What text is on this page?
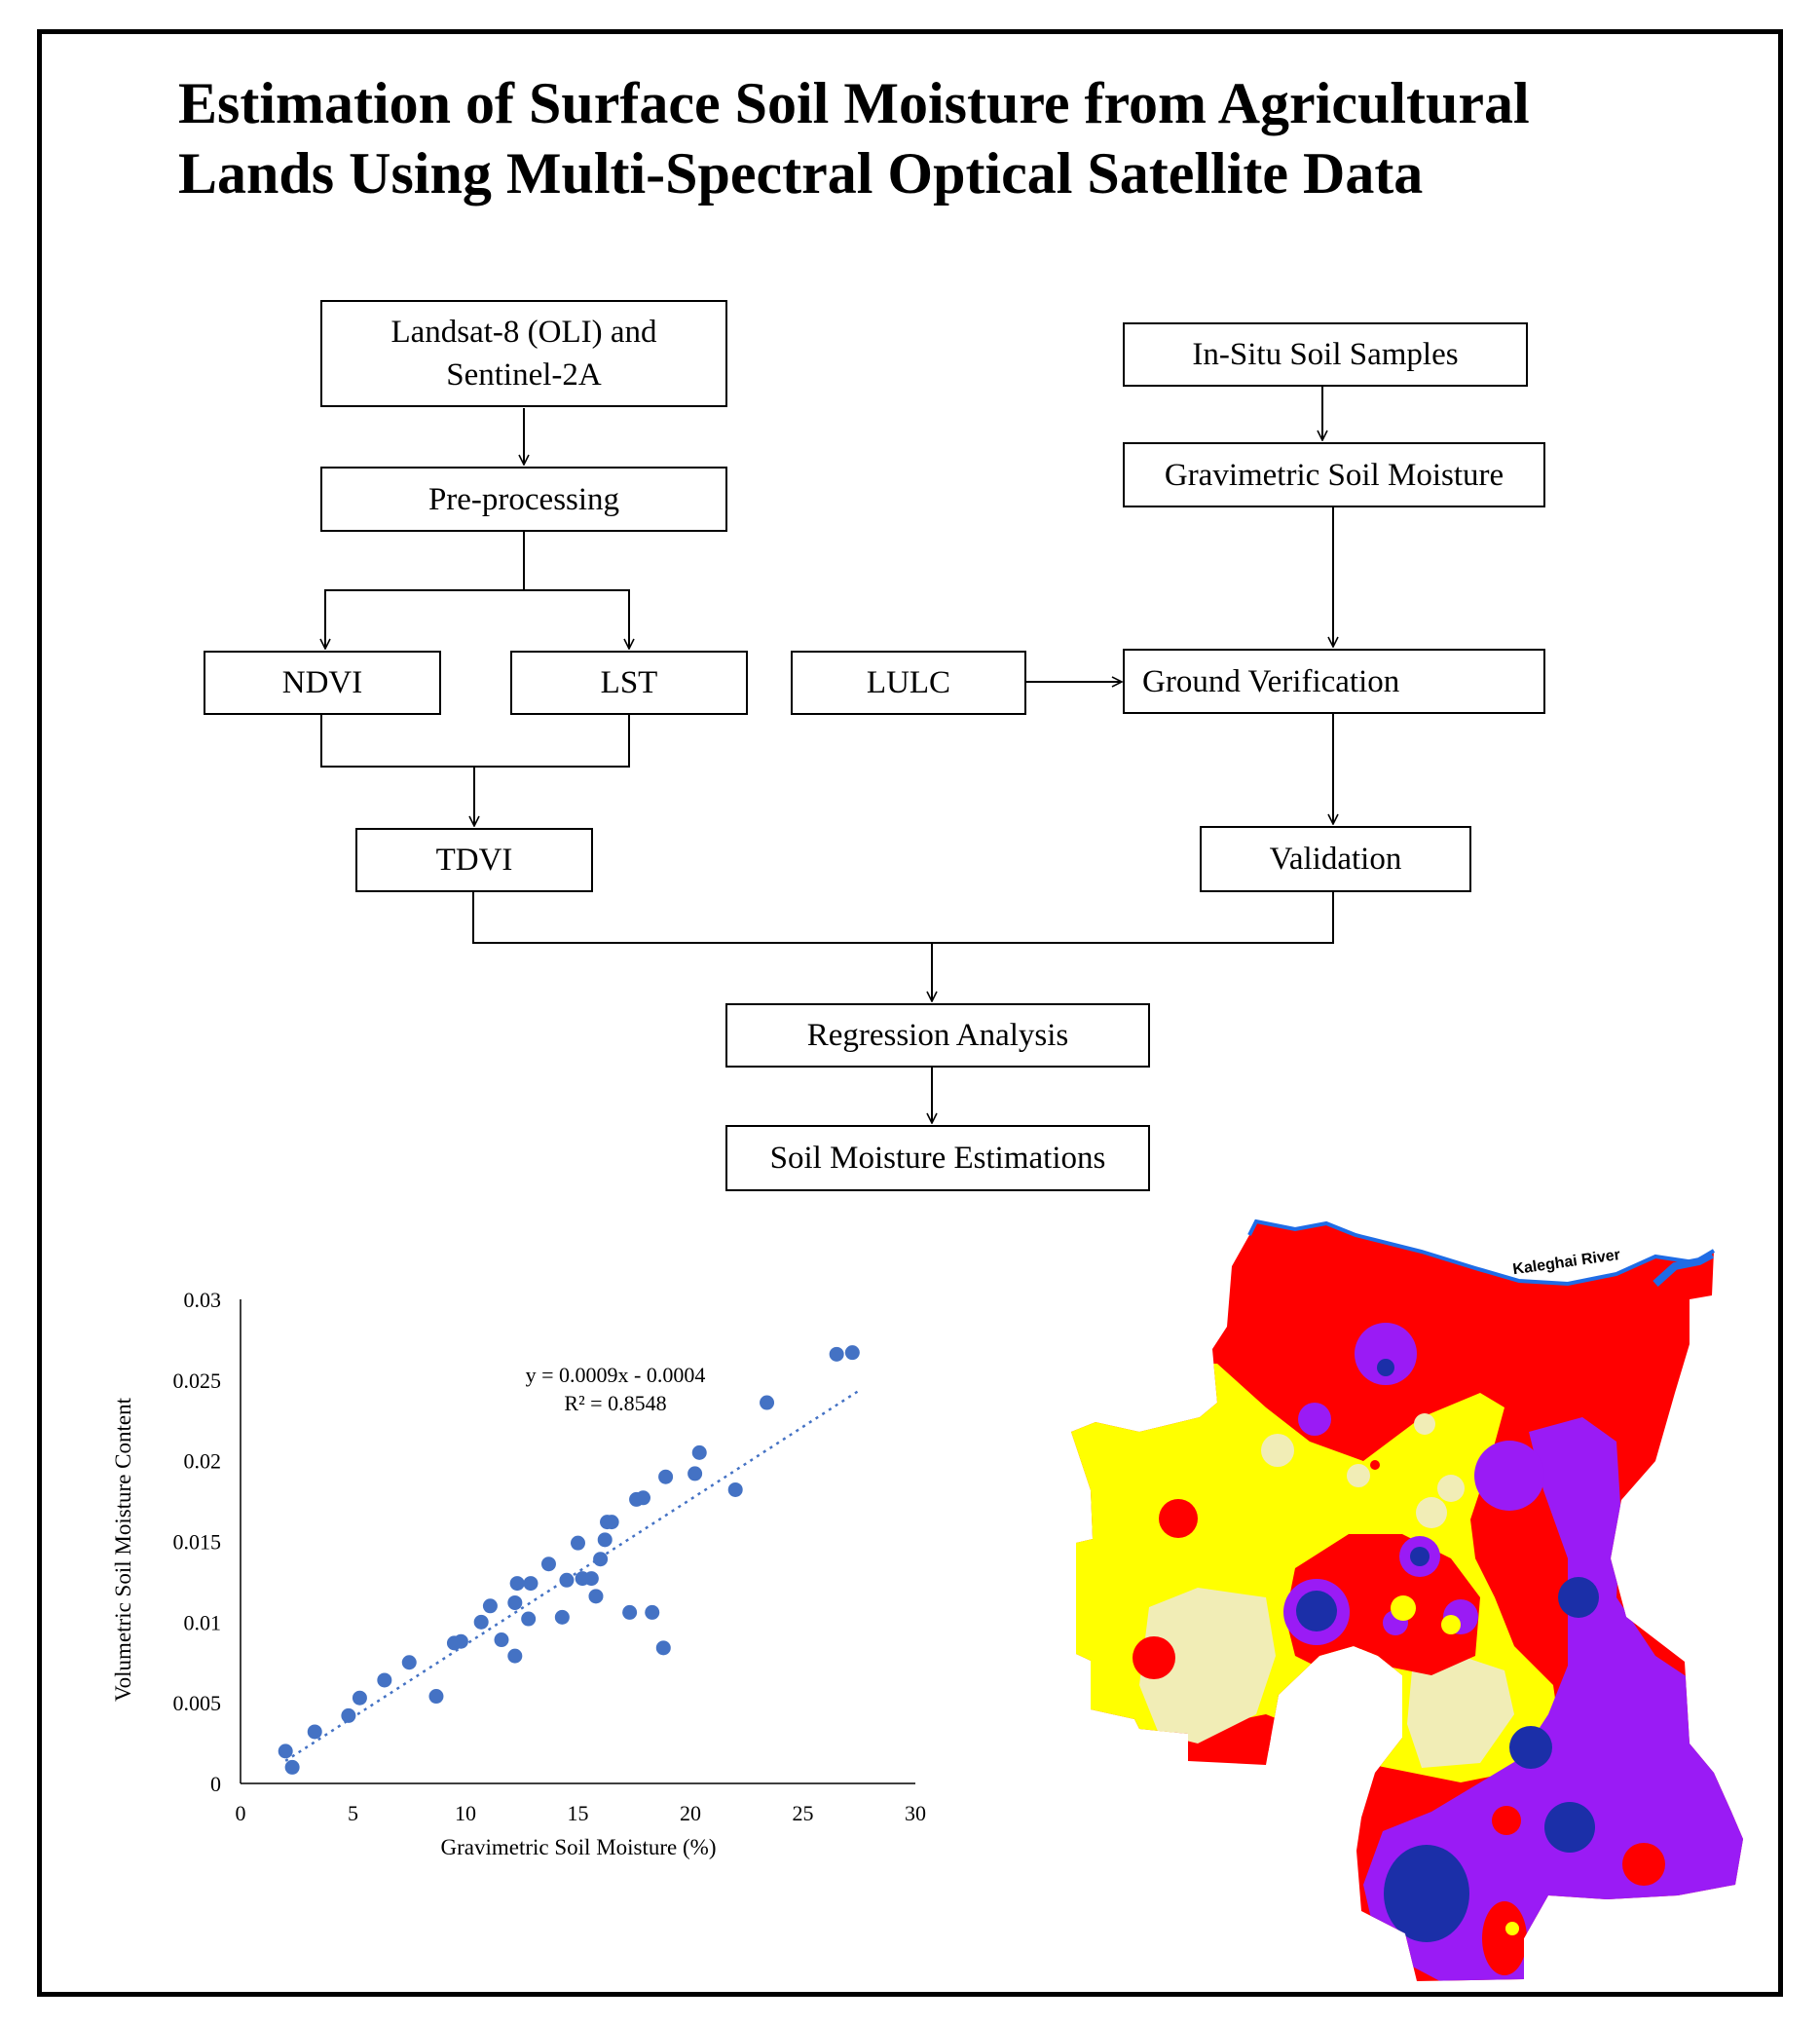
Estimation of Surface Soil Moisture from Agricultural
Lands Using Multi-Spectral Optical Satellite Data
Landsat-8 (OLI) and Sentinel-2A
Pre-processing
NDVI	LST
TDVI
In-Situ Soil Samples
Gravimetric Soil Moisture
LULC	Ground Verification
Validation
Regression Analysis
Soil Moisture Estimations
0	5	10	15	20	25	30
0
0.005
0.01
0.015
0.02
0.025
0.03
y = 0.0009x - 0.0004
R² = 0.8548
Gravimetric Soil Moisture (%)
Volumetric Soil Moisture Content
Kaleghai River
